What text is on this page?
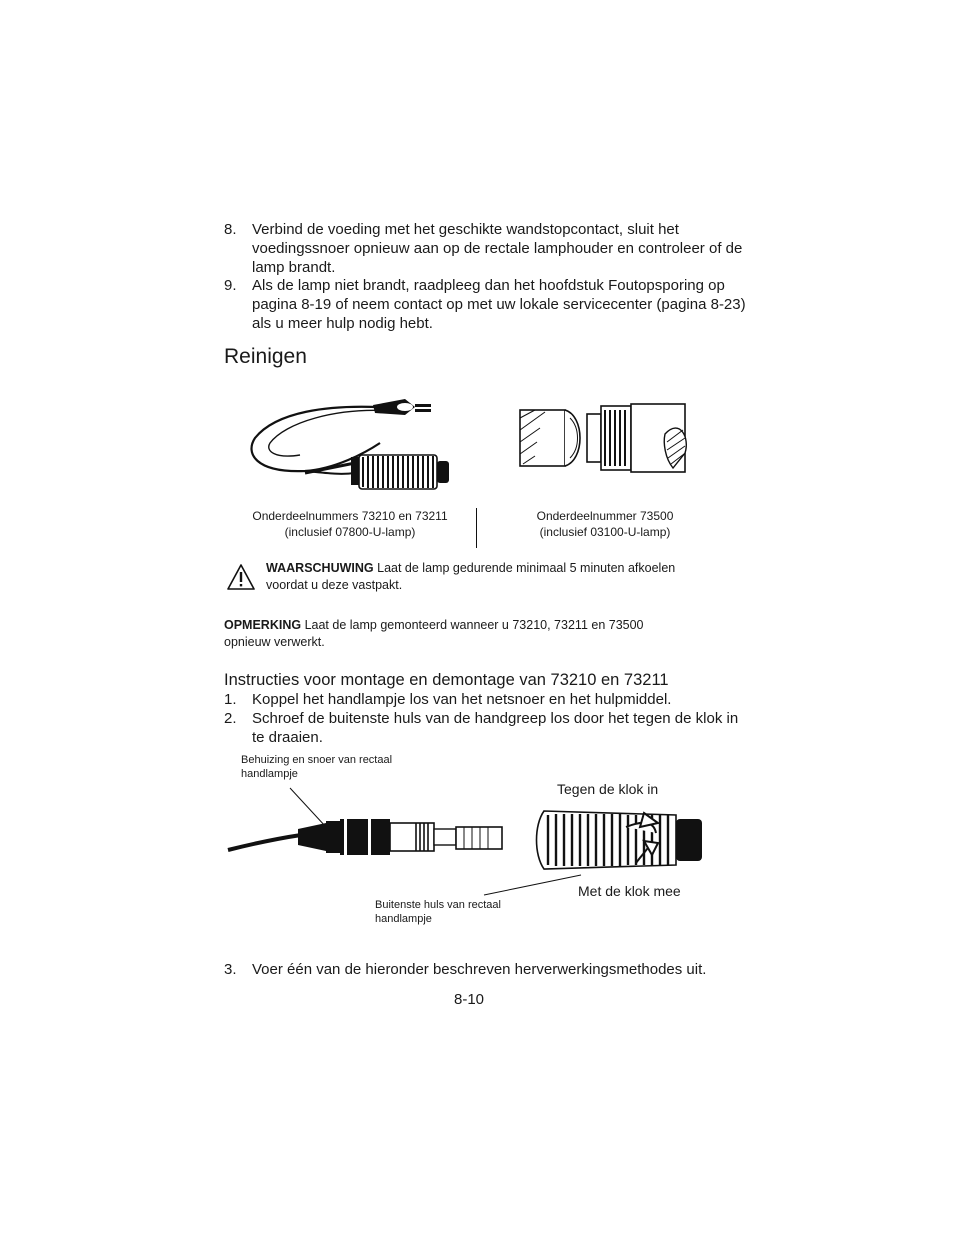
8. Verbind de voeding met het geschikte wandstopcontact, sluit het voedingssnoer opnieuw aan op de rectale lamphouder en controleer of de lamp brandt.
9. Als de lamp niet brandt, raadpleeg dan het hoofdstuk Foutopsporing op pagina 8-19 of neem contact op met uw lokale servicecenter (pagina 8-23) als u meer hulp nodig hebt.
Reinigen
Onderdeelnummers 73210 en 73211
(inclusief 07800-U-lamp)
Onderdeelnummer 73500
(inclusief 03100-U-lamp)
WAARSCHUWING Laat de lamp gedurende minimaal 5 minuten afkoelen voordat u deze vastpakt.
OPMERKING Laat de lamp gemonteerd wanneer u 73210, 73211 en 73500 opnieuw verwerkt.
Instructies voor montage en demontage van 73210 en 73211
1. Koppel het handlampje los van het netsnoer en het hulpmiddel.
2. Schroef de buitenste huls van de handgreep los door het tegen de klok in te draaien.
Behuizing en snoer van rectaal
handlampje
Tegen de klok in
Met de klok mee
Buitenste huls van rectaal
handlampje
3. Voer één van de hieronder beschreven herverwerkingsmethodes uit.
8-10
